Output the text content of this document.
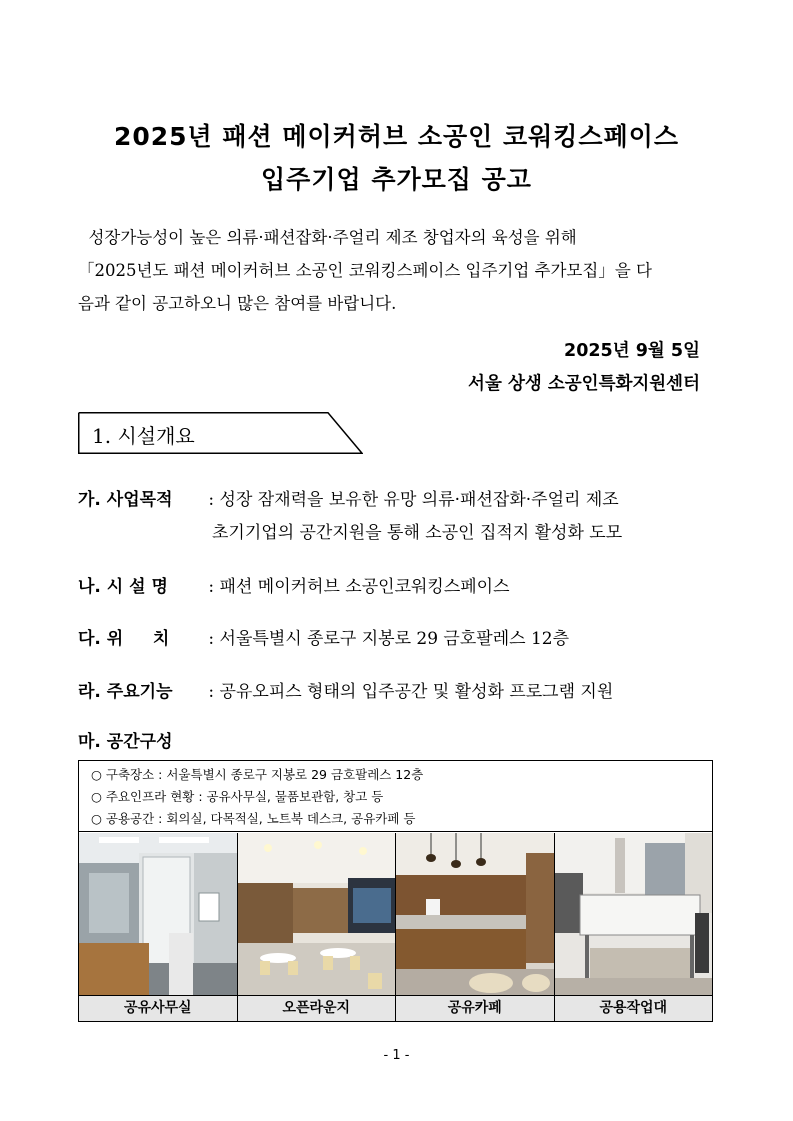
2025년 패션 메이커허브 소공인 코워킹스페이스
입주기업 추가모집 공고
성장가능성이 높은 의류·패션잡화·주얼리 제조 창업자의 육성을 위해
「2025년도 패션 메이커허브 소공인 코워킹스페이스 입주기업 추가모집」을 다
음과 같이 공고하오니 많은 참여를 바랍니다.
2025년 9월 5일
서울 상생 소공인특화지원센터
1. 시설개요
가. 사업목적 : 성장 잠재력을 보유한 유망 의류·패션잡화·주얼리 제조
초기기업의 공간지원을 통해 소공인 집적지 활성화 도모
나. 시 설 명 : 패션 메이커허브 소공인코워킹스페이스
다. 위     치 : 서울특별시 종로구 지봉로 29 금호팔레스 12층
라. 주요기능 : 공유오피스 형태의 입주공간 및 활성화 프로그램 지원
마. 공간구성
○ 구축장소 : 서울특별시 종로구 지봉로 29 금호팔레스 12층
○ 주요인프라 현황 : 공유사무실, 물품보관함, 창고 등
○ 공용공간 : 회의실, 다목적실, 노트북 데스크, 공유카페 등
공유사무실	오픈라운지	공유카페	공용작업대
- 1 -
